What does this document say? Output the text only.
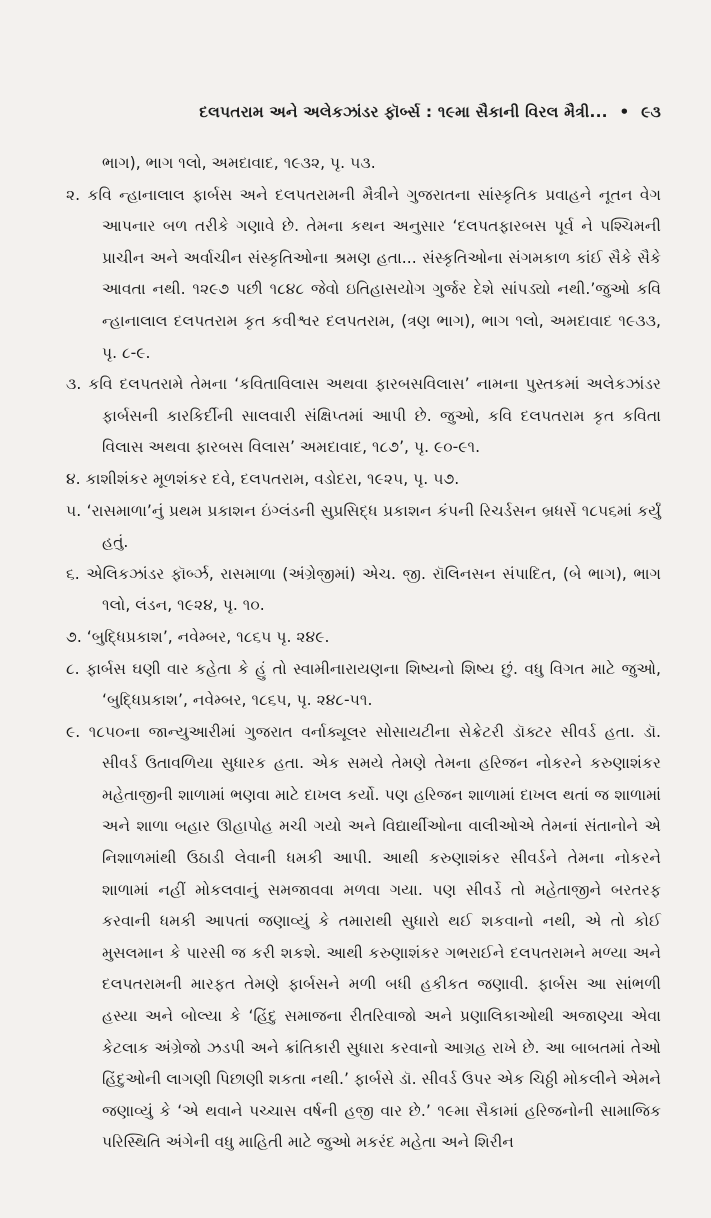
દલપતરામ અને અલેકઝાંડર ફૉર્બ્સ : ૧૯મા સૈકાની વિરલ મૈત્રી... • ૯૩

ભાગ), ભાગ ૧લો, અમદાવાદ, ૧૯૩૨, પૃ. ૫૩.

૨. કવિ ન્હાનાલાલ ફાર્બસ અને દલપતરામની મૈત્રીને ગુજરાતના સાંસ્કૃતિક પ્રવાહને નૂતન વેગ આપનાર બળ તરીકે ગણાવે છે. તેમના કથન અનુસાર ‘દલપતફારબસ પૂર્વ ને પશ્ચિમની પ્રાચીન અને અર્વાચીન સંસ્કૃતિઓના શ્રમણ હતા... સંસ્કૃતિઓના સંગમકાળ કાંઈ સૈકે સૈકે આવતા નથી. ૧૨૯૭ પછી ૧૮૪૮ જેવો ઇતિહાસયોગ ગુર્જર દેશે સાંપડ્યો નથી.’જુઓ કવિ ન્હાનાલાલ દલપતરામ કૃત કવીશ્વર દલપતરામ, (ત્રણ ભાગ), ભાગ ૧લો, અમદાવાદ ૧૯૩૩, પૃ. ૮-૯.

૩. કવિ દલપતરામે તેમના ‘કવિતાવિલાસ અથવા ફારબસવિલાસ’ નામના પુસ્તકમાં અલેકઝાંડર ફાર્બસની કારકિર્દીની સાલવારી સંક્ષિપ્તમાં આપી છે. જુઓ, કવિ દલપતરામ કૃત કવિતા વિલાસ અથવા ફારબસ વિલાસ’ અમદાવાદ, ૧૮૭’, પૃ. ૯૦-૯૧.

૪. કાશીશંકર મૂળશંકર દવે, દલપતરામ, વડોદરા, ૧૯૨૫, પૃ. ૫૭.

૫. ‘રાસમાળા’નું પ્રથમ પ્રકાશન ઇંગ્લંડની સુપ્રસિદ્ધ પ્રકાશન કંપની રિચર્ડસન બ્રધર્સે ૧૮૫૬માં કર્યું હતું.

૬. એલિકઝાંડર ફૉર્બ્ઝ, રાસમાળા (અંગ્રેજીમાં) એચ. જી. રૉલિનસન સંપાદિત, (બે ભાગ), ભાગ ૧લો, લંડન, ૧૯૨૪, પૃ. ૧૦.

૭. ‘બુદ્ધિપ્રકાશ’, નવેમ્બર, ૧૮૬૫ પૃ. ૨૪૯.

૮. ફાર્બસ ઘણી વાર કહેતા કે હું તો સ્વામીનારાયણના શિષ્યનો શિષ્ય છું. વધુ વિગત માટે જુઓ, ‘બુદ્ધિપ્રકાશ’, નવેમ્બર, ૧૮૬૫, પૃ. ૨૪૮-૫૧.

૯. ૧૮૫૦ના જાન્યુઆરીમાં ગુજરાત વર્નાક્યૂલર સોસાયટીના સેક્રેટરી ડૉક્ટર સીવર્ડ હતા. ડૉ. સીવર્ડ ઉતાવળિયા સુધારક હતા. એક સમયે તેમણે તેમના હરિજન નોકરને કરુણાશંકર મહેતાજીની શાળામાં ભણવા માટે દાખલ કર્યો. પણ હરિજન શાળામાં દાખલ થતાં જ શાળામાં અને શાળા બહાર ઊહાપોહ મચી ગયો અને વિદ્યાર્થીઓના વાલીઓએ તેમનાં સંતાનોને એ નિશાળમાંથી ઉઠાડી લેવાની ધમકી આપી. આથી કરુણાશંકર સીવર્ડને તેમના નોકરને શાળામાં નહીં મોકલવાનું સમજાવવા મળવા ગયા. પણ સીવર્ડે તો મહેતાજીને બરતરફ કરવાની ધમકી આપતાં જણાવ્યું કે તમારાથી સુધારો થઈ શકવાનો નથી, એ તો કોઈ મુસલમાન કે પારસી જ કરી શકશે. આથી કરુણાશંકર ગભરાઈને દલપતરામને મળ્યા અને દલપતરામની મારફત તેમણે ફાર્બસને મળી બધી હકીકત જણાવી. ફાર્બસ આ સાંભળી હસ્યા અને બોલ્યા કે ‘હિંદુ સમાજના રીતરિવાજો અને પ્રણાલિકાઓથી અજાણ્યા એવા કેટલાક અંગ્રેજો ઝડપી અને ક્રાંતિકારી સુધારા કરવાનો આગ્રહ રાખે છે. આ બાબતમાં તેઓ હિંદુઓની લાગણી પિછાણી શકતા નથી.’ ફાર્બસે ડૉ. સીવર્ડ ઉપર એક ચિઠ્ઠી મોકલીને એમને જણાવ્યું કે ‘એ થવાને પચ્ચાસ વર્ષની હજી વાર છે.’ ૧૯મા સૈકામાં હરિજનોની સામાજિક પરિસ્થિતિ અંગેની વધુ માહિતી માટે જુઓ મકરંદ મહેતા અને શિરીન
